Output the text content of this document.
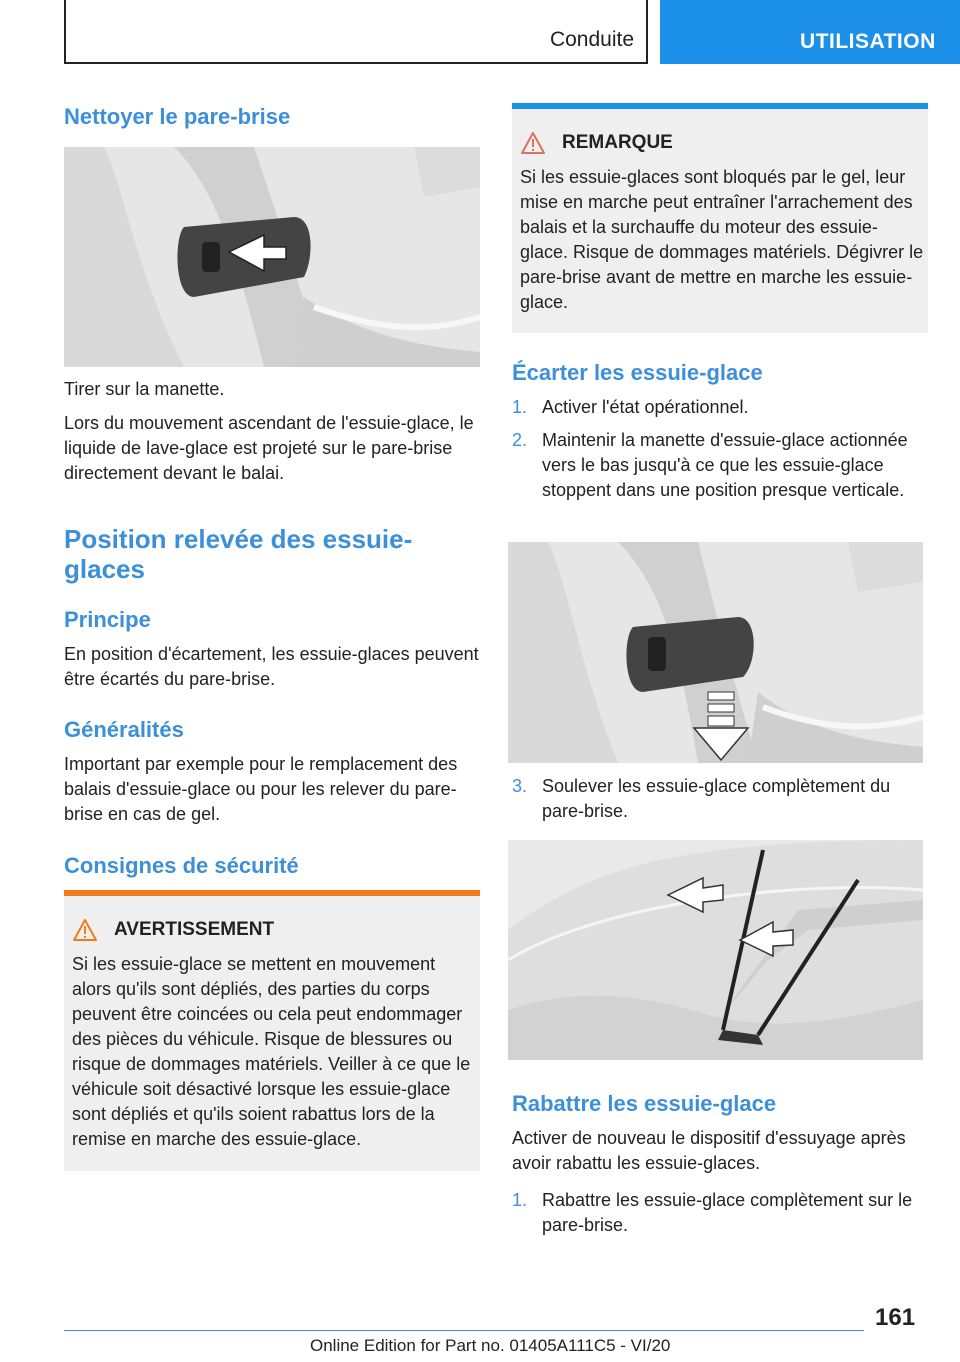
Conduite	UTILISATION
Nettoyer le pare-brise
Tirer sur la manette.
Lors du mouvement ascendant de l'essuie-glace, le liquide de lave-glace est projeté sur le pare-brise directement devant le balai.
Position relevée des essuie-glaces
Principe
En position d'écartement, les essuie-glaces peuvent être écartés du pare-brise.
Généralités
Important par exemple pour le remplacement des balais d'essuie-glace ou pour les relever du pare-brise en cas de gel.
Consignes de sécurité
AVERTISSEMENT
Si les essuie-glace se mettent en mouvement alors qu'ils sont dépliés, des parties du corps peuvent être coincées ou cela peut endommager des pièces du véhicule. Risque de blessures ou risque de dommages matériels. Veiller à ce que le véhicule soit désactivé lorsque les essuie-glace sont dépliés et qu'ils soient rabattus lors de la remise en marche des essuie-glace.
REMARQUE
Si les essuie-glaces sont bloqués par le gel, leur mise en marche peut entraîner l'arrachement des balais et la surchauffe du moteur des essuie-glace. Risque de dommages matériels. Dégivrer le pare-brise avant de mettre en marche les essuie-glace.
Écarter les essuie-glace
1. Activer l'état opérationnel.
2. Maintenir la manette d'essuie-glace actionnée vers le bas jusqu'à ce que les essuie-glace stoppent dans une position presque verticale.
3. Soulever les essuie-glace complètement du pare-brise.
Rabattre les essuie-glace
Activer de nouveau le dispositif d'essuyage après avoir rabattu les essuie-glaces.
1. Rabattre les essuie-glace complètement sur le pare-brise.
161
Online Edition for Part no. 01405A111C5 - VI/20
